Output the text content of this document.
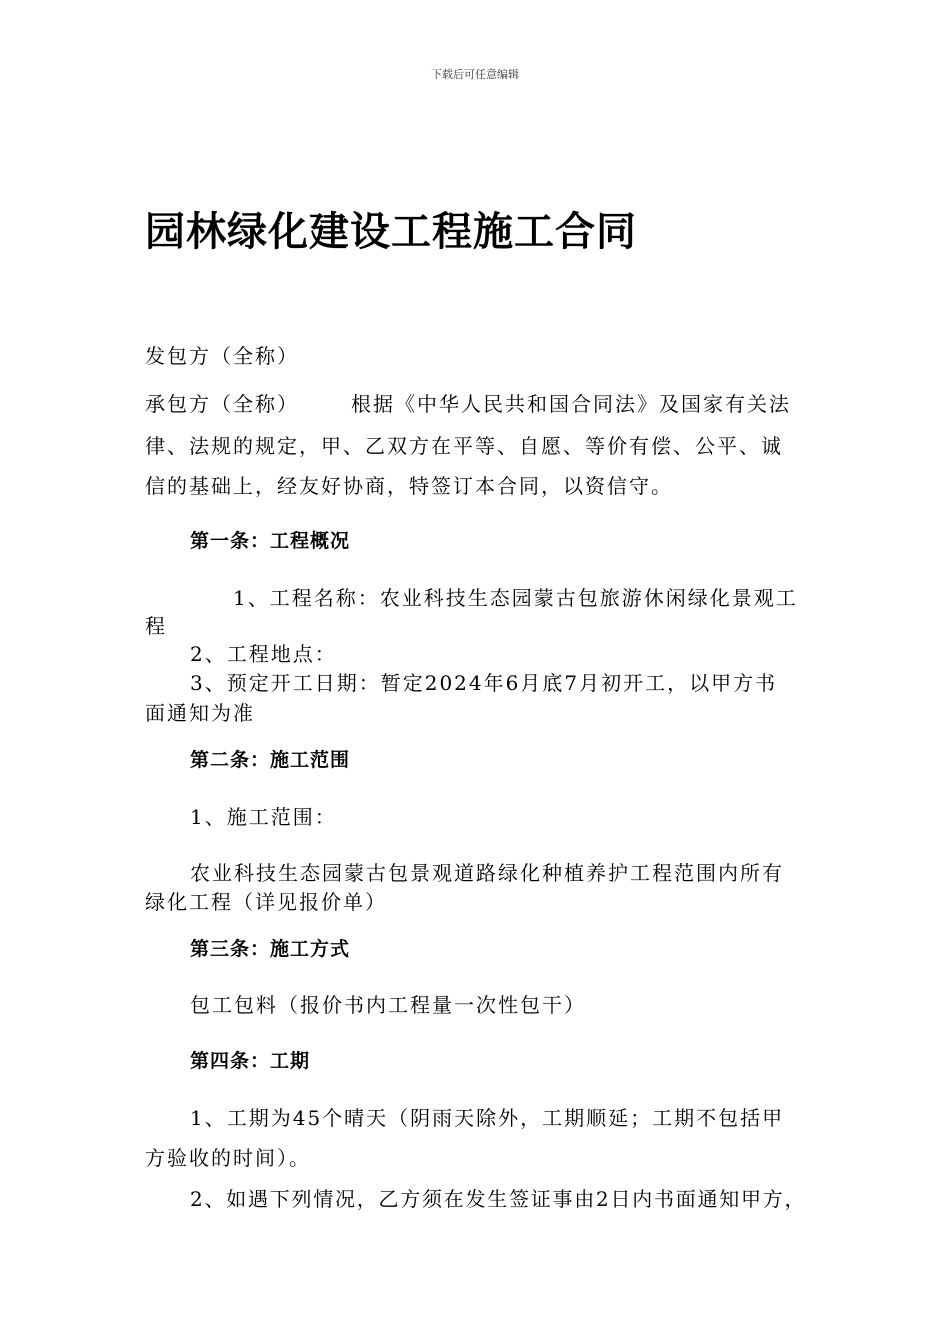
下载后可任意编辑
园林绿化建设工程施工合同
发包方（全称）
承包方（全称）	根据《中华人民共和国合同法》及国家有关法
律、法规的规定，甲、乙双方在平等、自愿、等价有偿、公平、诚
信的基础上，经友好协商，特签订本合同，以资信守。
第一条：工程概况
1、工程名称：农业科技生态园蒙古包旅游休闲绿化景观工
程
2、工程地点：
3、预定开工日期：暂定2024年6月底7月初开工，以甲方书
面通知为准
第二条：施工范围
1、施工范围：
农业科技生态园蒙古包景观道路绿化种植养护工程范围内所有
绿化工程（详见报价单）
第三条：施工方式
包工包料（报价书内工程量一次性包干）
第四条：工期
1、工期为45个晴天（阴雨天除外，工期顺延；工期不包括甲
方验收的时间）。
2、如遇下列情况，乙方须在发生签证事由2日内书面通知甲方，
